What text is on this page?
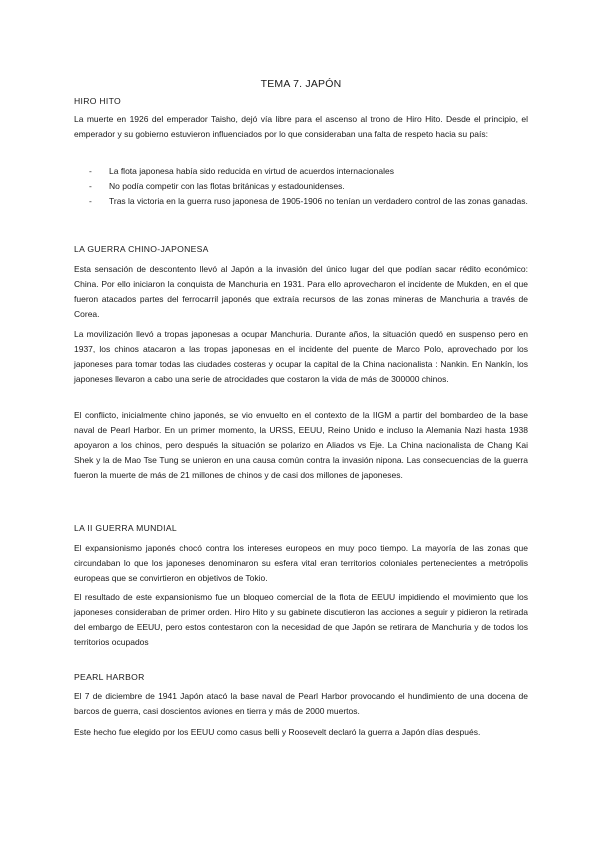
TEMA 7. JAPÓN
HIRO HITO

La muerte en 1926 del emperador Taisho, dejó vía libre para el ascenso al trono de Hiro Hito. Desde el principio, el emperador y su gobierno estuvieron influenciados por lo que consideraban una falta de respeto hacia su país:

- La flota japonesa había sido reducida en virtud de acuerdos internacionales
- No podía competir con las flotas británicas y estadounidenses.
- Tras la victoria en la guerra ruso japonesa de 1905-1906 no tenían un verdadero control de las zonas ganadas.
LA GUERRA CHINO-JAPONESA

Esta sensación de descontento llevó al Japón a la invasión del único lugar del que podían sacar rédito económico: China. Por ello iniciaron la conquista de Manchuria en 1931. Para ello aprovecharon el incidente de Mukden, en el que fueron atacados partes del ferrocarril japonés que extraía recursos de las zonas mineras de Manchuria a través de Corea.

La movilización llevó a tropas japonesas a ocupar Manchuria. Durante años, la situación quedó en suspenso pero en 1937, los chinos atacaron a las tropas japonesas en el incidente del puente de Marco Polo, aprovechado por los japoneses para tomar todas las ciudades costeras y ocupar la capital de la China nacionalista : Nankin. En Nankín, los japoneses llevaron a cabo una serie de atrocidades que costaron la vida de más de 300000 chinos.

El conflicto, inicialmente chino japonés, se vio envuelto en el contexto de la IIGM a partir del bombardeo de la base naval de Pearl Harbor. En un primer momento, la URSS, EEUU, Reino Unido e incluso la Alemania Nazi hasta 1938 apoyaron a los chinos, pero después la situación se polarizo en Aliados vs Eje. La China nacionalista de Chang Kai Shek y la de Mao Tse Tung se unieron en una causa común contra la invasión nipona. Las consecuencias de la guerra fueron la muerte de más de 21 millones de chinos y de casi dos millones de japoneses.

LA II GUERRA MUNDIAL

El expansionismo japonés chocó contra los intereses europeos en muy poco tiempo. La mayoría de las zonas que circundaban lo que los japoneses denominaron su esfera vital eran territorios coloniales pertenecientes a metrópolis europeas que se convirtieron en objetivos de Tokio.

El resultado de este expansionismo fue un bloqueo comercial de la flota de EEUU impidiendo el movimiento que los japoneses consideraban de primer orden. Hiro Hito y su gabinete discutieron las acciones a seguir y pidieron la retirada del embargo de EEUU, pero estos contestaron con la necesidad de que Japón se retirara de Manchuria y de todos los territorios ocupados

PEARL HARBOR

El 7 de diciembre de 1941 Japón atacó la base naval de Pearl Harbor provocando el hundimiento de una docena de barcos de guerra, casi doscientos aviones en tierra y más de 2000 muertos.

Este hecho fue elegido por los EEUU como casus belli y Roosevelt declaró la guerra a Japón días después.
